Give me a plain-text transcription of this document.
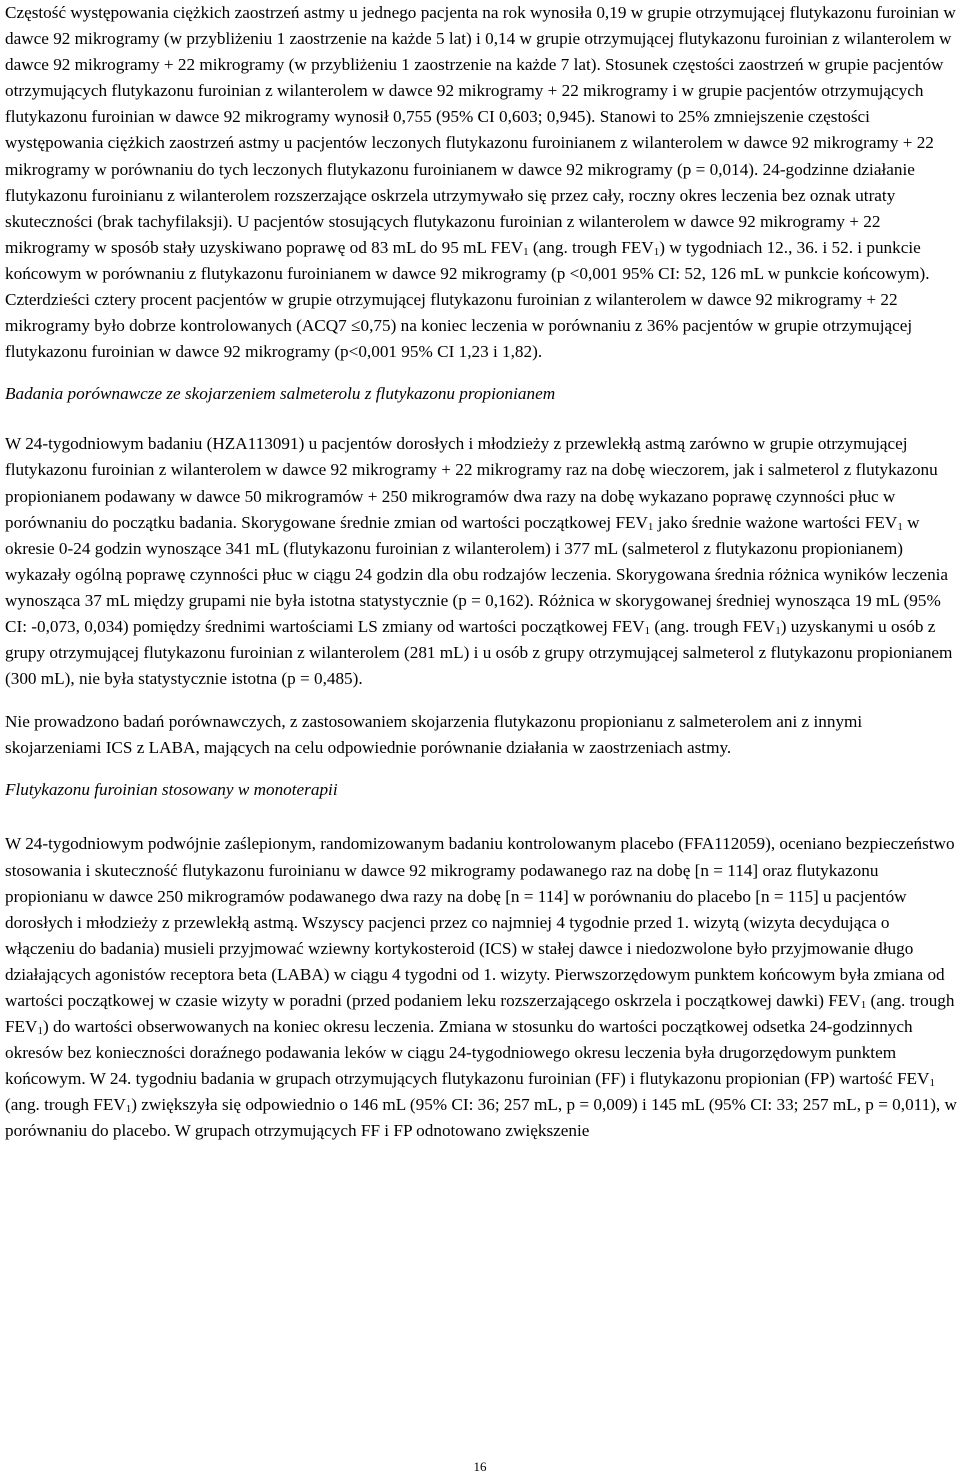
Częstość występowania ciężkich zaostrzeń astmy u jednego pacjenta na rok wynosiła 0,19 w grupie otrzymującej flutykazonu furoinian w dawce 92 mikrogramy (w przybliżeniu 1 zaostrzenie na każde 5 lat) i 0,14 w grupie otrzymującej flutykazonu furoinian z wilanterolem w dawce 92 mikrogramy + 22 mikrogramy (w przybliżeniu 1 zaostrzenie na każde 7 lat). Stosunek częstości zaostrzeń w grupie pacjentów otrzymujących flutykazonu furoinian z wilanterolem w dawce 92 mikrogramy + 22 mikrogramy i w grupie pacjentów otrzymujących flutykazonu furoinian w dawce 92 mikrogramy wynosił 0,755 (95% CI 0,603; 0,945). Stanowi to 25% zmniejszenie częstości występowania ciężkich zaostrzeń astmy u pacjentów leczonych flutykazonu furoinianem z wilanterolem w dawce 92 mikrogramy + 22 mikrogramy w porównaniu do tych leczonych flutykazonu furoinianem w dawce 92 mikrogramy (p = 0,014). 24-godzinne działanie flutykazonu furoinianu z wilanterolem rozszerzające oskrzela utrzymywało się przez cały, roczny okres leczenia bez oznak utraty skuteczności (brak tachyfilaksji). U pacjentów stosujących flutykazonu furoinian z wilanterolem w dawce 92 mikrogramy + 22 mikrogramy w sposób stały uzyskiwano poprawę od 83 mL do 95 mL $FEV_1$ (ang. trough $FEV_1$) w tygodniach 12., 36. i 52. i punkcie końcowym w porównaniu z flutykazonu furoinianem w dawce 92 mikrogramy (p <0,001 95% CI: 52, 126 mL w punkcie końcowym). Czterdzieści cztery procent pacjentów w grupie otrzymującej flutykazonu furoinian z wilanterolem w dawce 92 mikrogramy + 22 mikrogramy było dobrze kontrolowanych (ACQ7 ≤0,75) na koniec leczenia w porównaniu z 36% pacjentów w grupie otrzymującej flutykazonu furoinian w dawce 92 mikrogramy (p<0,001 95% CI 1,23 i 1,82).

Badania porównawcze ze skojarzeniem salmeterolu z flutykazonu propionianem

W 24-tygodniowym badaniu (HZA113091) u pacjentów dorosłych i młodzieży z przewlekłą astmą zarówno w grupie otrzymującej flutykazonu furoinian z wilanterolem w dawce 92 mikrogramy + 22 mikrogramy raz na dobę wieczorem, jak i salmeterol z flutykazonu propionianem podawany w dawce 50 mikrogramów + 250 mikrogramów dwa razy na dobę wykazano poprawę czynności płuc w porównaniu do początku badania. Skorygowane średnie zmian od wartości początkowej $FEV_1$ jako średnie ważone wartości $FEV_1$ w okresie 0-24 godzin wynoszące 341 mL (flutykazonu furoinian z wilanterolem) i 377 mL (salmeterol z flutykazonu propionianem) wykazały ogólną poprawę czynności płuc w ciągu 24 godzin dla obu rodzajów leczenia. Skorygowana średnia różnica wyników leczenia wynosząca 37 mL między grupami nie była istotna statystycznie (p = 0,162). Różnica w skorygowanej średniej wynosząca 19 mL (95% CI: -0,073, 0,034) pomiędzy średnimi wartościami LS zmiany od wartości początkowej $FEV_1$ (ang. trough $FEV_1$) uzyskanymi u osób z grupy otrzymującej flutykazonu furoinian z wilanterolem (281 mL) i u osób z grupy otrzymującej salmeterol z flutykazonu propionianem (300 mL), nie była statystycznie istotna (p = 0,485).

Nie prowadzono badań porównawczych, z zastosowaniem skojarzenia flutykazonu propionianu z salmeterolem ani z innymi skojarzeniami ICS z LABA, mających na celu odpowiednie porównanie działania w zaostrzeniach astmy.

Flutykazonu furoinian stosowany w monoterapii

W 24-tygodniowym podwójnie zaślepionym, randomizowanym badaniu kontrolowanym placebo (FFA112059), oceniano bezpieczeństwo stosowania i skuteczność flutykazonu furoinianu w dawce 92 mikrogramy podawanego raz na dobę [n = 114] oraz flutykazonu propionianu w dawce 250 mikrogramów podawanego dwa razy na dobę [n = 114] w porównaniu do placebo [n = 115] u pacjentów dorosłych i młodzieży z przewlekłą astmą. Wszyscy pacjenci przez co najmniej 4 tygodnie przed 1. wizytą (wizyta decydująca o włączeniu do badania) musieli przyjmować wziewny kortykosteroid (ICS) w stałej dawce i niedozwolone było przyjmowanie długo działających agonistów receptora beta (LABA) w ciągu 4 tygodni od 1. wizyty. Pierwszorzędowym punktem końcowym była zmiana od wartości początkowej w czasie wizyty w poradni (przed podaniem leku rozszerzającego oskrzela i początkowej dawki) $FEV_1$ (ang. trough $FEV_1$) do wartości obserwowanych na koniec okresu leczenia. Zmiana w stosunku do wartości początkowej odsetka 24-godzinnych okresów bez konieczności doraźnego podawania leków w ciągu 24-tygodniowego okresu leczenia była drugorzędowym punktem końcowym. W 24. tygodniu badania w grupach otrzymujących flutykazonu furoinian (FF) i flutykazonu propionian (FP) wartość $FEV_1$ (ang. trough $FEV_1$) zwiększyła się odpowiednio o 146 mL (95% CI: 36; 257 mL, p = 0,009) i 145 mL (95% CI: 33; 257 mL, p = 0,011), w porównaniu do placebo. W grupach otrzymujących FF i FP odnotowano zwiększenie

16
